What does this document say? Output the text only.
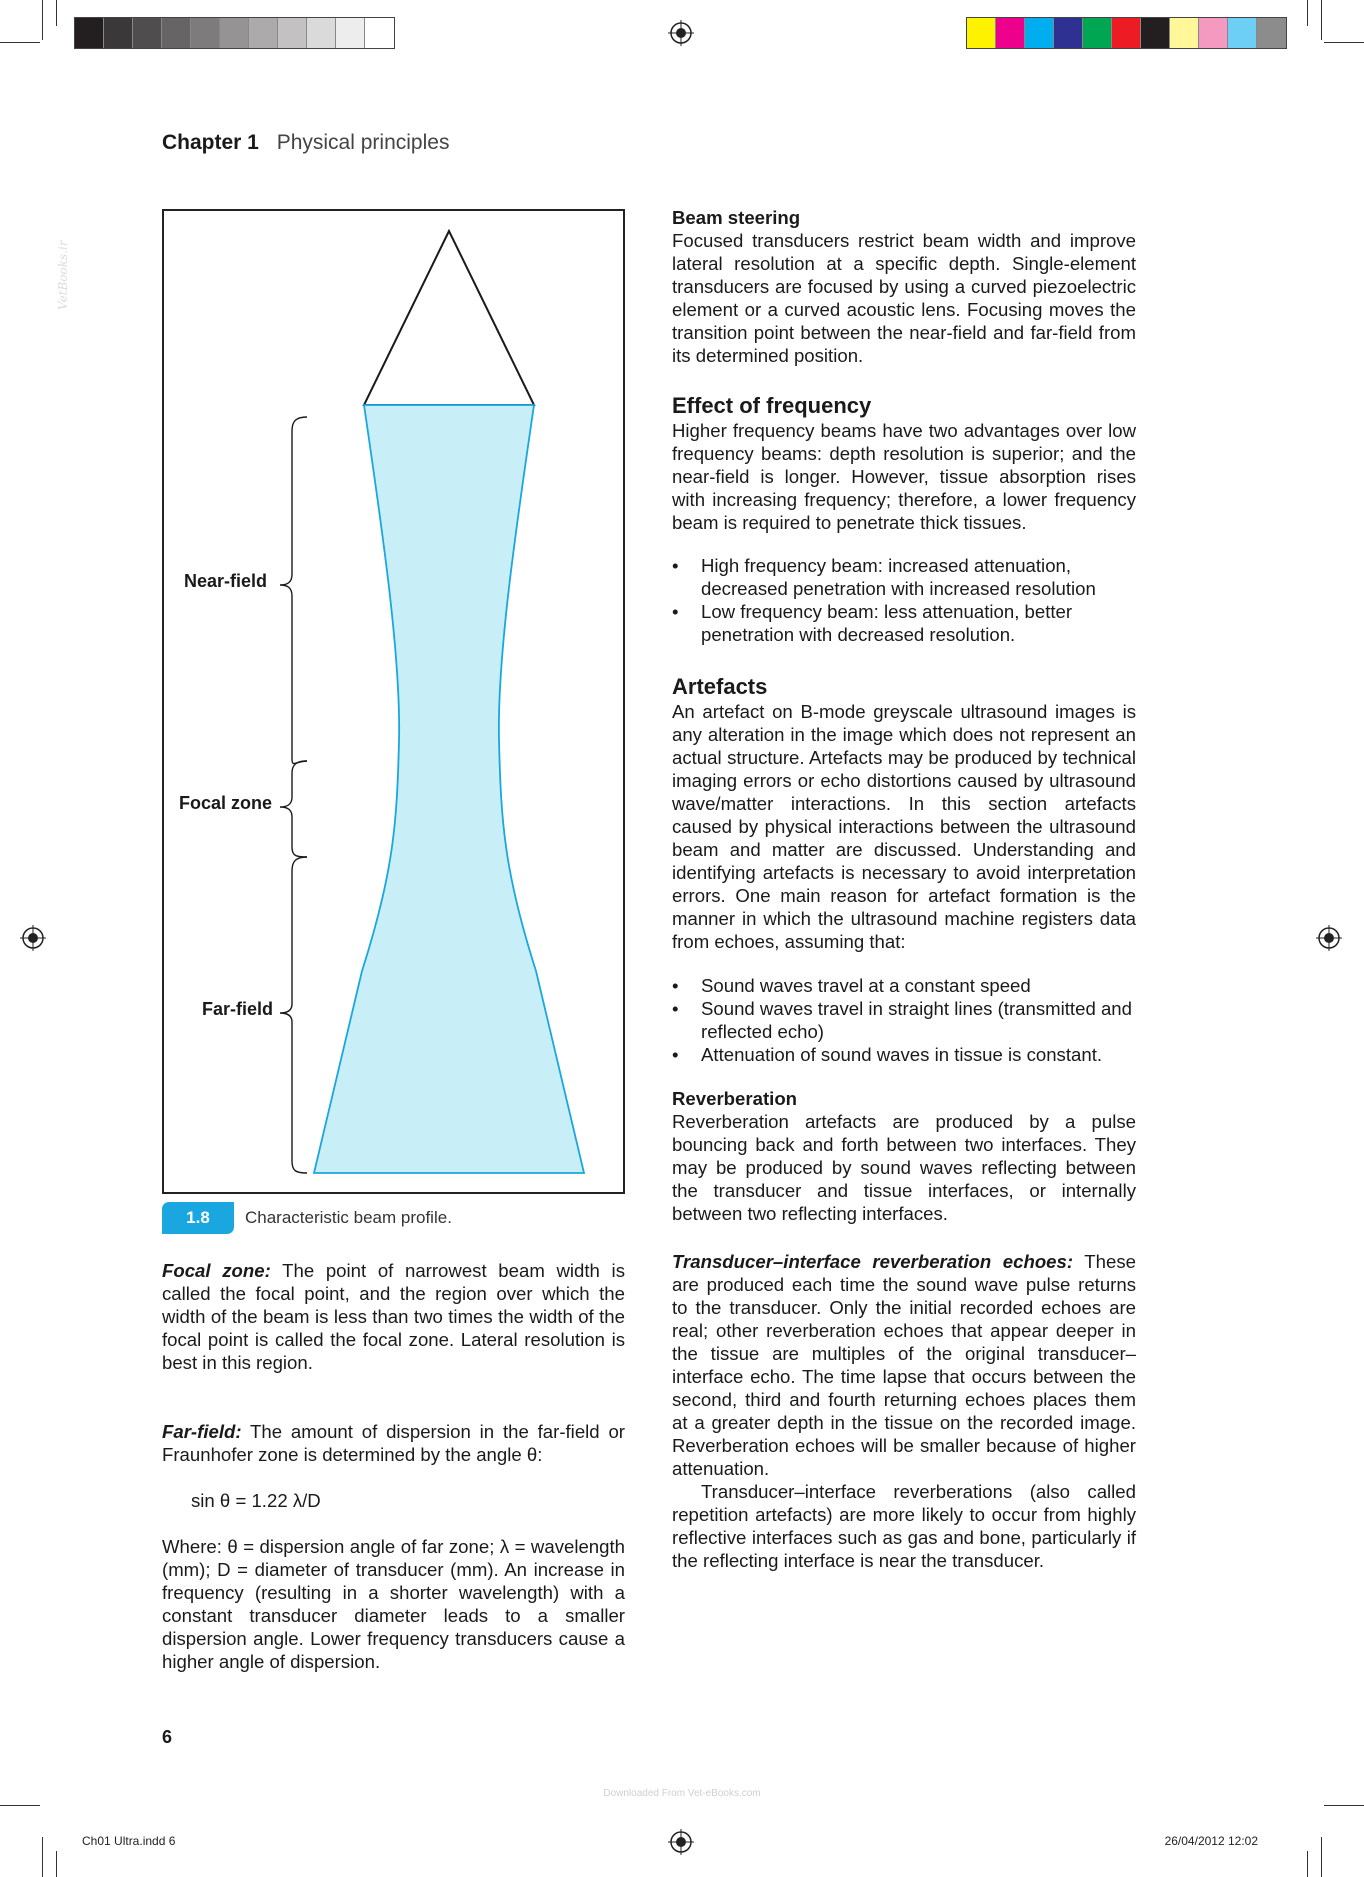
VetBooks.ir
Chapter 1 Physical principles
Near-field
Focal zone
Far-field
1.8	Characteristic beam profile.

Focal zone: The point of narrowest beam width is called the focal point, and the region over which the width of the beam is less than two times the width of the focal point is called the focal zone. Lateral resolution is best in this region.

Far-field: The amount of dispersion in the far-field or Fraunhofer zone is determined by the angle θ:

sin θ = 1.22 λ/D

Where: θ = dispersion angle of far zone; λ = wavelength (mm); D = diameter of transducer (mm). An increase in frequency (resulting in a shorter wavelength) with a constant transducer diameter leads to a smaller dispersion angle. Lower frequency transducers cause a higher angle of dispersion.

Beam steering

Focused transducers restrict beam width and improve lateral resolution at a specific depth. Single-element transducers are focused by using a curved piezoelectric element or a curved acoustic lens. Focusing moves the transition point between the near-field and far-field from its determined position.

Effect of frequency

Higher frequency beams have two advantages over low frequency beams: depth resolution is superior; and the near-field is longer. However, tissue absorption rises with increasing frequency; therefore, a lower frequency beam is required to penetrate thick tissues.

• High frequency beam: increased attenuation, decreased penetration with increased resolution
• Low frequency beam: less attenuation, better penetration with decreased resolution.

Artefacts

An artefact on B-mode greyscale ultrasound images is any alteration in the image which does not represent an actual structure. Artefacts may be produced by technical imaging errors or echo distortions caused by ultrasound wave/matter interactions. In this section artefacts caused by physical interactions between the ultrasound beam and matter are discussed. Understanding and identifying artefacts is necessary to avoid interpretation errors. One main reason for artefact formation is the manner in which the ultrasound machine registers data from echoes, assuming that:

• Sound waves travel at a constant speed
• Sound waves travel in straight lines (transmitted and reflected echo)
• Attenuation of sound waves in tissue is constant.

Reverberation

Reverberation artefacts are produced by a pulse bouncing back and forth between two interfaces. They may be produced by sound waves reflecting between the transducer and tissue interfaces, or internally between two reflecting interfaces.

Transducer–interface reverberation echoes: These are produced each time the sound wave pulse returns to the transducer. Only the initial recorded echoes are real; other reverberation echoes that appear deeper in the tissue are multiples of the original transducer–interface echo. The time lapse that occurs between the second, third and fourth returning echoes places them at a greater depth in the tissue on the recorded image. Reverberation echoes will be smaller because of higher attenuation.

Transducer–interface reverberations (also called repetition artefacts) are more likely to occur from highly reflective interfaces such as gas and bone, particularly if the reflecting interface is near the transducer.

6
Downloaded From Vet-eBooks.com
Ch01 Ultra.indd 6	26/04/2012 12:02
